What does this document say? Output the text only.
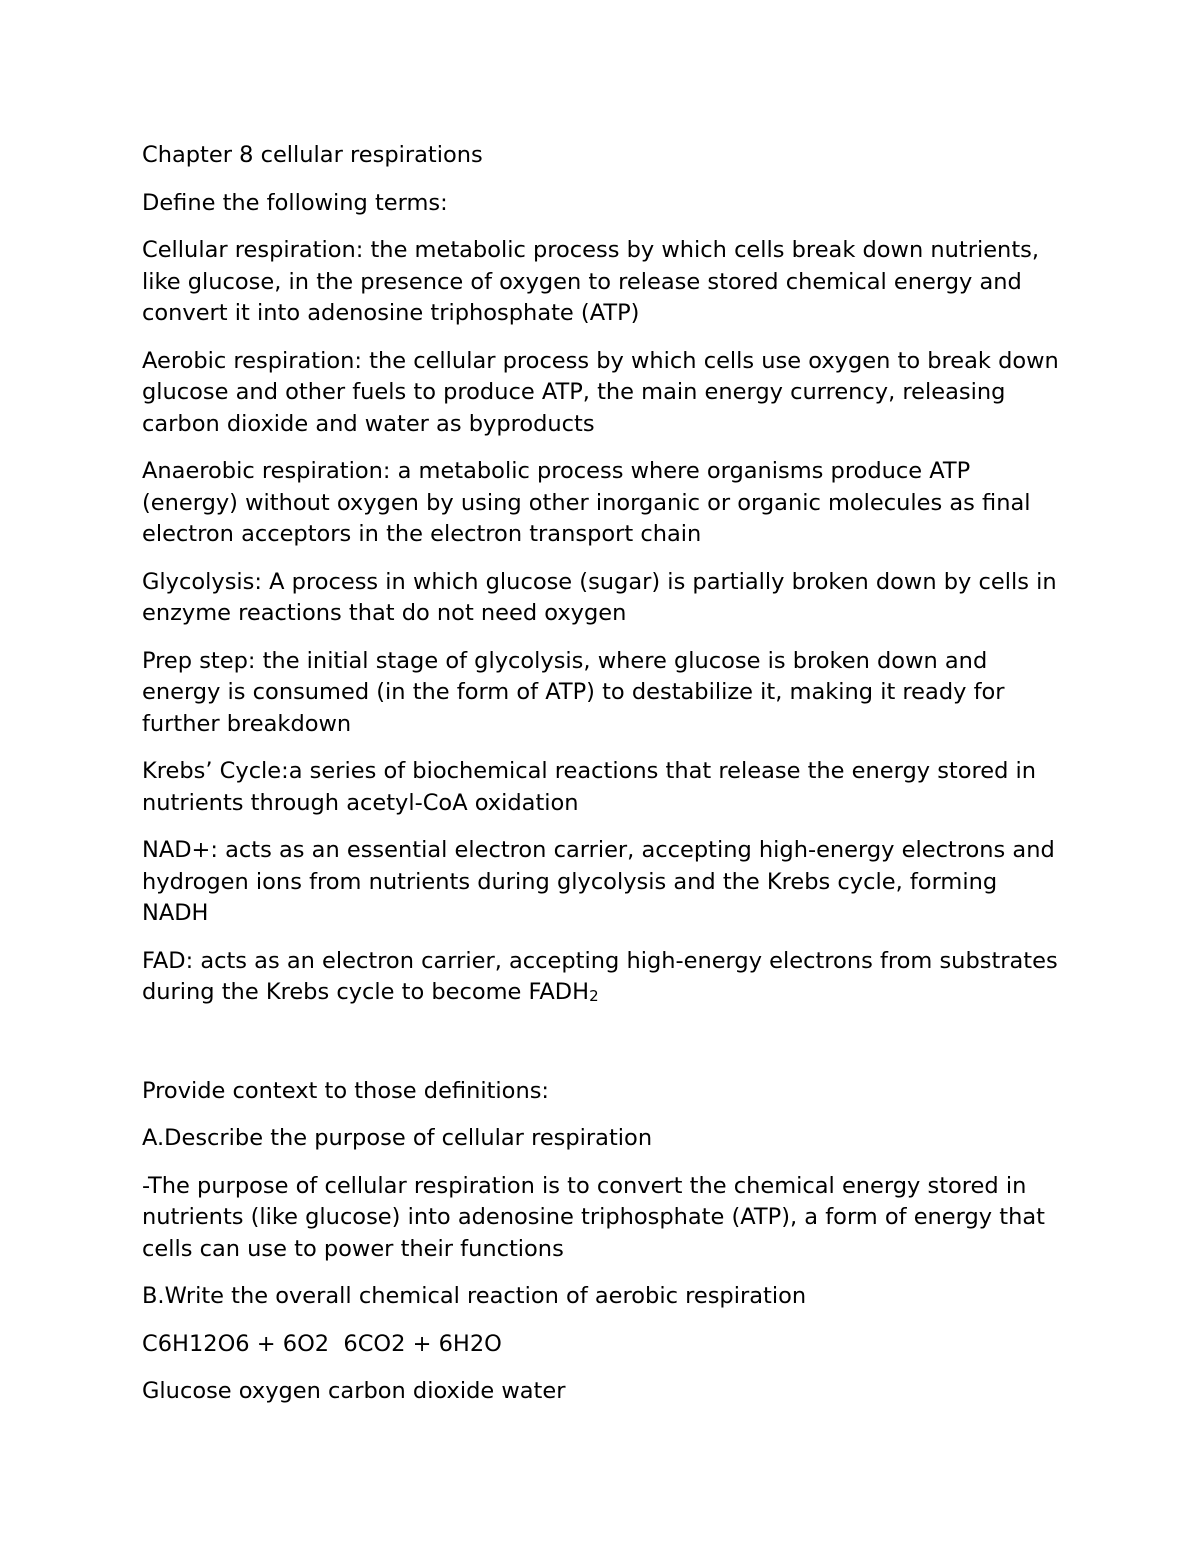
Chapter 8 cellular respirations

Define the following terms:

Cellular respiration: the metabolic process by which cells break down nutrients, like glucose, in the presence of oxygen to release stored chemical energy and convert it into adenosine triphosphate (ATP)

Aerobic respiration: the cellular process by which cells use oxygen to break down glucose and other fuels to produce ATP, the main energy currency, releasing carbon dioxide and water as byproducts

Anaerobic respiration: a metabolic process where organisms produce ATP (energy) without oxygen by using other inorganic or organic molecules as final electron acceptors in the electron transport chain

Glycolysis: A process in which glucose (sugar) is partially broken down by cells in enzyme reactions that do not need oxygen

Prep step: the initial stage of glycolysis, where glucose is broken down and energy is consumed (in the form of ATP) to destabilize it, making it ready for further breakdown

Krebs’ Cycle:a series of biochemical reactions that release the energy stored in nutrients through acetyl-CoA oxidation

NAD+: acts as an essential electron carrier, accepting high-energy electrons and hydrogen ions from nutrients during glycolysis and the Krebs cycle, forming NADH

FAD: acts as an electron carrier, accepting high-energy electrons from substrates during the Krebs cycle to become FADH2

Provide context to those definitions:

A.Describe the purpose of cellular respiration

-The purpose of cellular respiration is to convert the chemical energy stored in nutrients (like glucose) into adenosine triphosphate (ATP), a form of energy that cells can use to power their functions

B.Write the overall chemical reaction of aerobic respiration

C6H12O6 + 6O2  6CO2 + 6H2O

Glucose oxygen carbon dioxide water
